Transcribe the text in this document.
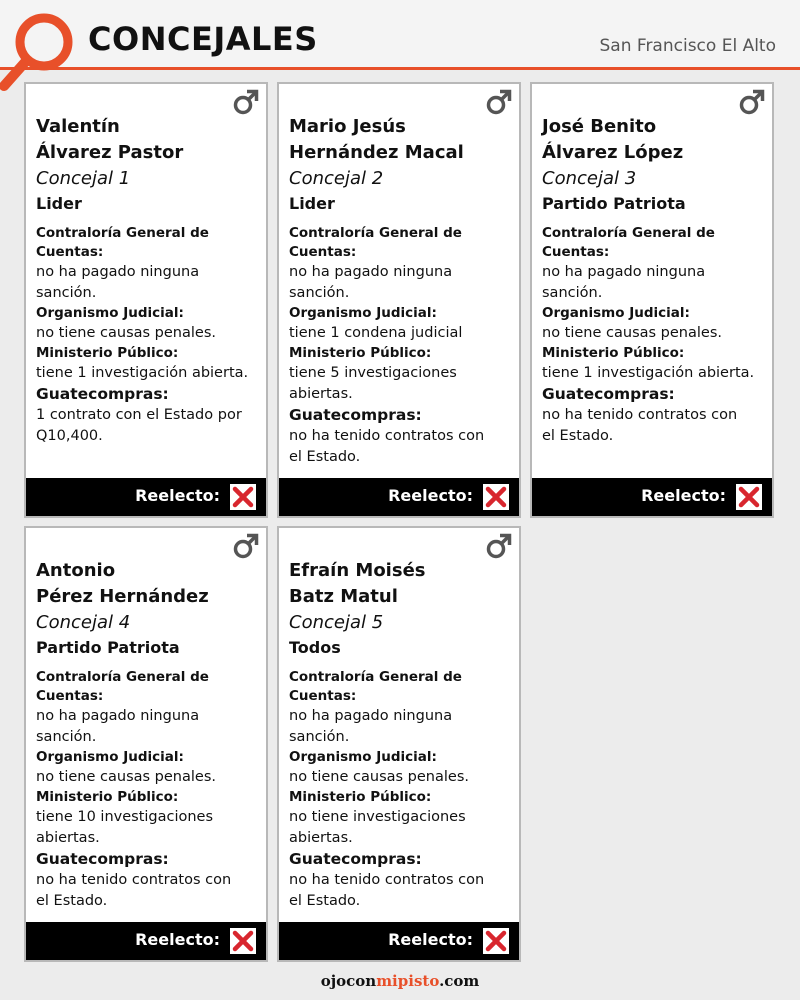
CONCEJALES	San Francisco El Alto
Valentín
Álvarez Pastor
Concejal 1
Lider
Contraloría General de Cuentas:
no ha pagado ninguna
sanción.
Organismo Judicial:
no tiene causas penales.
Ministerio Público:
tiene 1 investigación abierta.
Guatecompras:
1 contrato con el Estado por
Q10,400.
Reelecto:
Mario Jesús
Hernández Macal
Concejal 2
Lider
Contraloría General de Cuentas:
no ha pagado ninguna
sanción.
Organismo Judicial:
tiene 1 condena judicial
Ministerio Público:
tiene 5 investigaciones
abiertas.
Guatecompras:
no ha tenido contratos con
el Estado.
Reelecto:
José Benito
Álvarez López
Concejal 3
Partido Patriota
Contraloría General de Cuentas:
no ha pagado ninguna
sanción.
Organismo Judicial:
no tiene causas penales.
Ministerio Público:
tiene 1 investigación abierta.
Guatecompras:
no ha tenido contratos con
el Estado.
Reelecto:
Antonio
Pérez Hernández
Concejal 4
Partido Patriota
Contraloría General de Cuentas:
no ha pagado ninguna
sanción.
Organismo Judicial:
no tiene causas penales.
Ministerio Público:
tiene 10 investigaciones
abiertas.
Guatecompras:
no ha tenido contratos con
el Estado.
Reelecto:
Efraín Moisés
Batz Matul
Concejal 5
Todos
Contraloría General de Cuentas:
no ha pagado ninguna
sanción.
Organismo Judicial:
no tiene causas penales.
Ministerio Público:
no tiene investigaciones
abiertas.
Guatecompras:
no ha tenido contratos con
el Estado.
Reelecto:
ojoconmipisto.com
